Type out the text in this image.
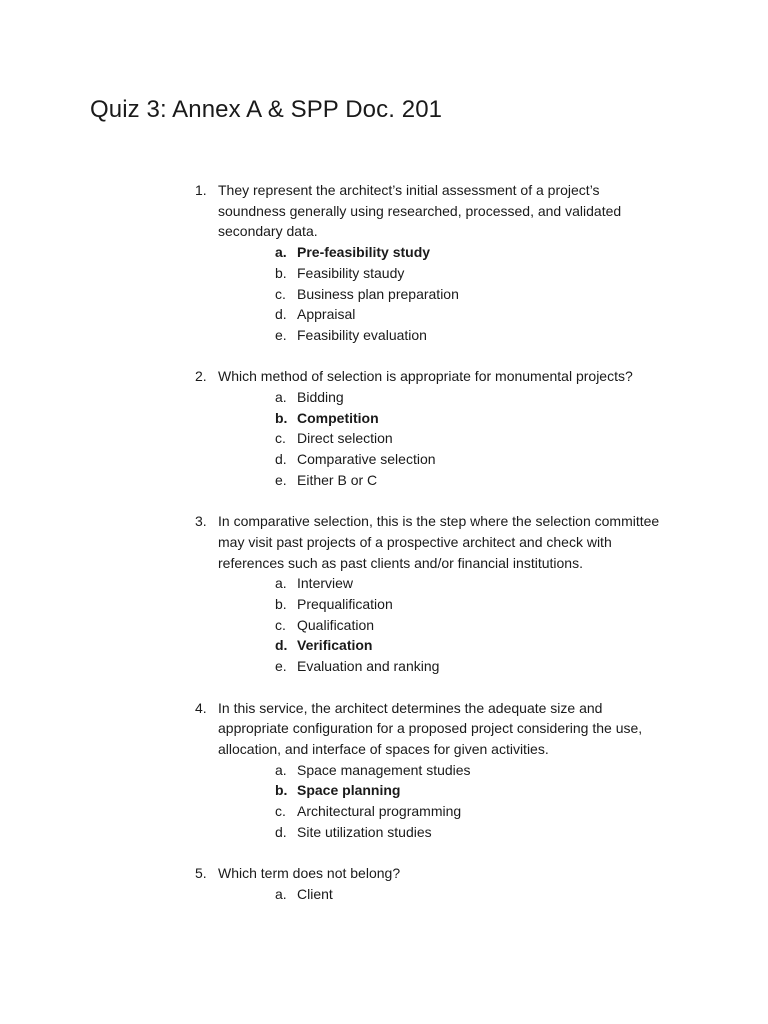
Quiz 3: Annex A & SPP Doc. 201
1. They represent the architect’s initial assessment of a project’s soundness generally using researched, processed, and validated secondary data.
a. Pre-feasibility study
b. Feasibility staudy
c. Business plan preparation
d. Appraisal
e. Feasibility evaluation
2. Which method of selection is appropriate for monumental projects?
a. Bidding
b. Competition
c. Direct selection
d. Comparative selection
e. Either B or C
3. In comparative selection, this is the step where the selection committee may visit past projects of a prospective architect and check with references such as past clients and/or financial institutions.
a. Interview
b. Prequalification
c. Qualification
d. Verification
e. Evaluation and ranking
4. In this service, the architect determines the adequate size and appropriate configuration for a proposed project considering the use, allocation, and interface of spaces for given activities.
a. Space management studies
b. Space planning
c. Architectural programming
d. Site utilization studies
5. Which term does not belong?
a. Client
